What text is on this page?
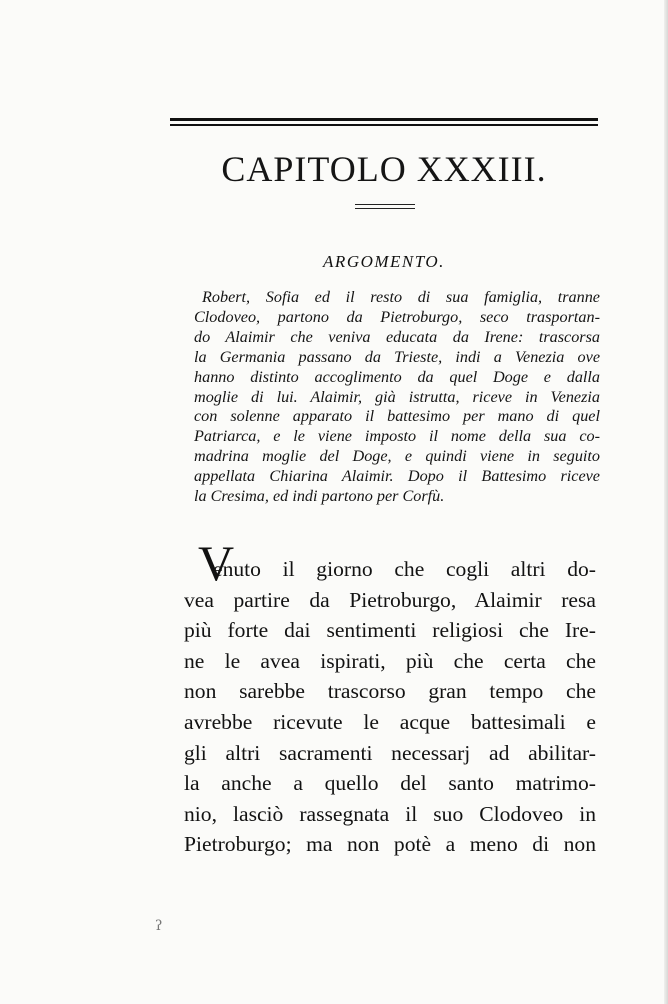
CAPITOLO XXXIII.
ARGOMENTO.
Robert, Sofia ed il resto di sua famiglia, tranne
Clodoveo, partono da Pietroburgo, seco trasportan-
do Alaimir che veniva educata da Irene: trascorsa
la Germania passano da Trieste, indi a Venezia ove
hanno distinto accoglimento da quel Doge e dalla
moglie di lui. Alaimir, già istrutta, riceve in Venezia
con solenne apparato il battesimo per mano di quel
Patriarca, e le viene imposto il nome della sua co-
madrina moglie del Doge, e quindi viene in seguito
appellata Chiarina Alaimir. Dopo il Battesimo riceve
la Cresima, ed indi partono per Corfù.
V
enuto il giorno che cogli altri do-
vea partire da Pietroburgo, Alaimir resa
più forte dai sentimenti religiosi che Ire-
ne le avea ispirati, più che certa che
non sarebbe trascorso gran tempo che
avrebbe ricevute le acque battesimali e
gli altri sacramenti necessarj ad abilitar-
la anche a quello del santo matrimo-
nio, lasciò rassegnata il suo Clodoveo in
Pietroburgo; ma non potè a meno di non
ʔ
